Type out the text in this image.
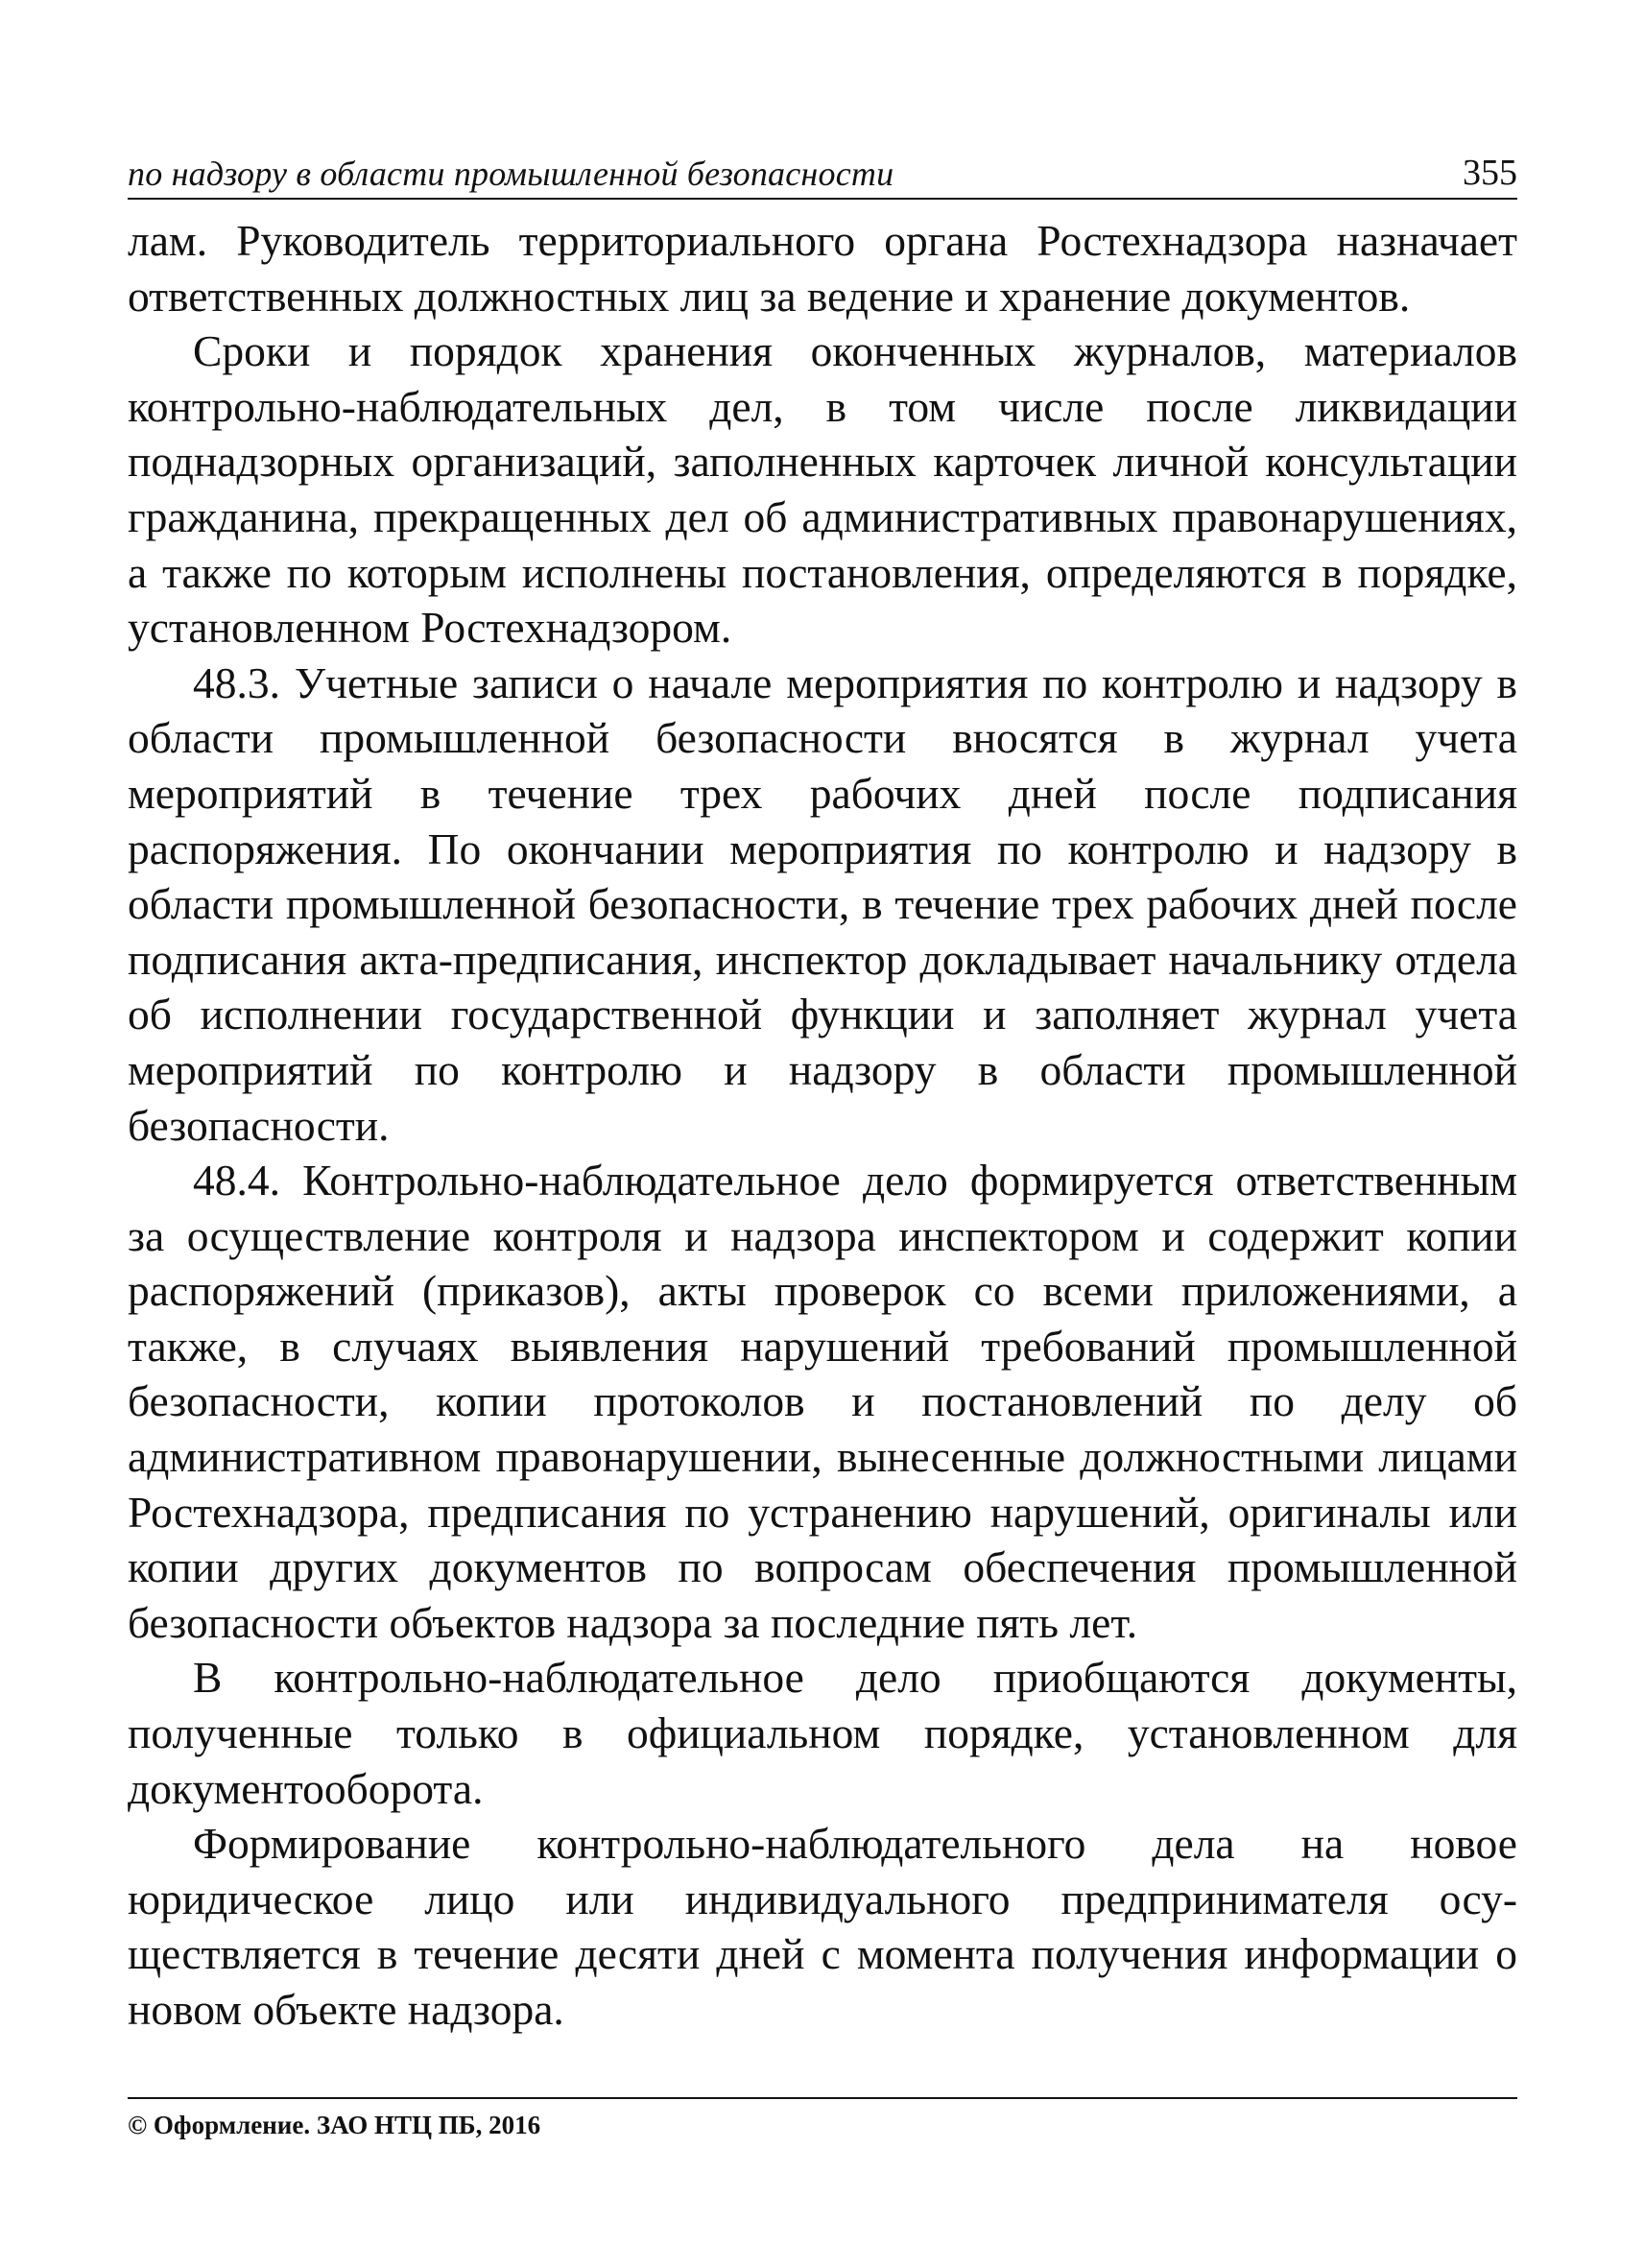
по надзору в области промышленной безопасности	355

лам. Руководитель территориального органа Ростехнадзора назначает ответственных должностных лиц за ведение и хранение документов.

Сроки и порядок хранения оконченных журналов, материалов контрольно-наблюдательных дел, в том числе после ликвидации поднадзорных организаций, заполненных карточек личной консультации гражданина, прекращенных дел об административных правонарушениях, а также по которым исполнены постановления, определяются в порядке, установленном Ростехнадзором.

48.3. Учетные записи о начале мероприятия по контролю и надзору в области промышленной безопасности вносятся в журнал учета мероприятий в течение трех рабочих дней после подписания распоряжения. По окончании мероприятия по контролю и надзору в области промышленной безопасности, в течение трех рабочих дней после подписания акта-предписания, инспектор докладывает начальнику отдела об исполнении государственной функции и заполняет журнал учета мероприятий по контролю и надзору в области промышленной безопасности.

48.4. Контрольно-наблюдательное дело формируется ответственным за осуществление контроля и надзора инспектором и содержит копии распоряжений (приказов), акты проверок со всеми приложениями, а также, в случаях выявления нарушений требований промышленной безопасности, копии протоколов и постановлений по делу об административном правонарушении, вынесенные должностными лицами Ростехнадзора, предписания по устранению нарушений, оригиналы или копии других документов по вопросам обеспечения промышленной безопасности объектов надзора за последние пять лет.

В контрольно-наблюдательное дело приобщаются документы, полученные только в официальном порядке, установленном для документооборота.

Формирование контрольно-наблюдательного дела на новое юридическое лицо или индивидуального предпринимателя осуществляется в течение десяти дней с момента получения информации о новом объекте надзора.

© Оформление. ЗАО НТЦ ПБ, 2016
